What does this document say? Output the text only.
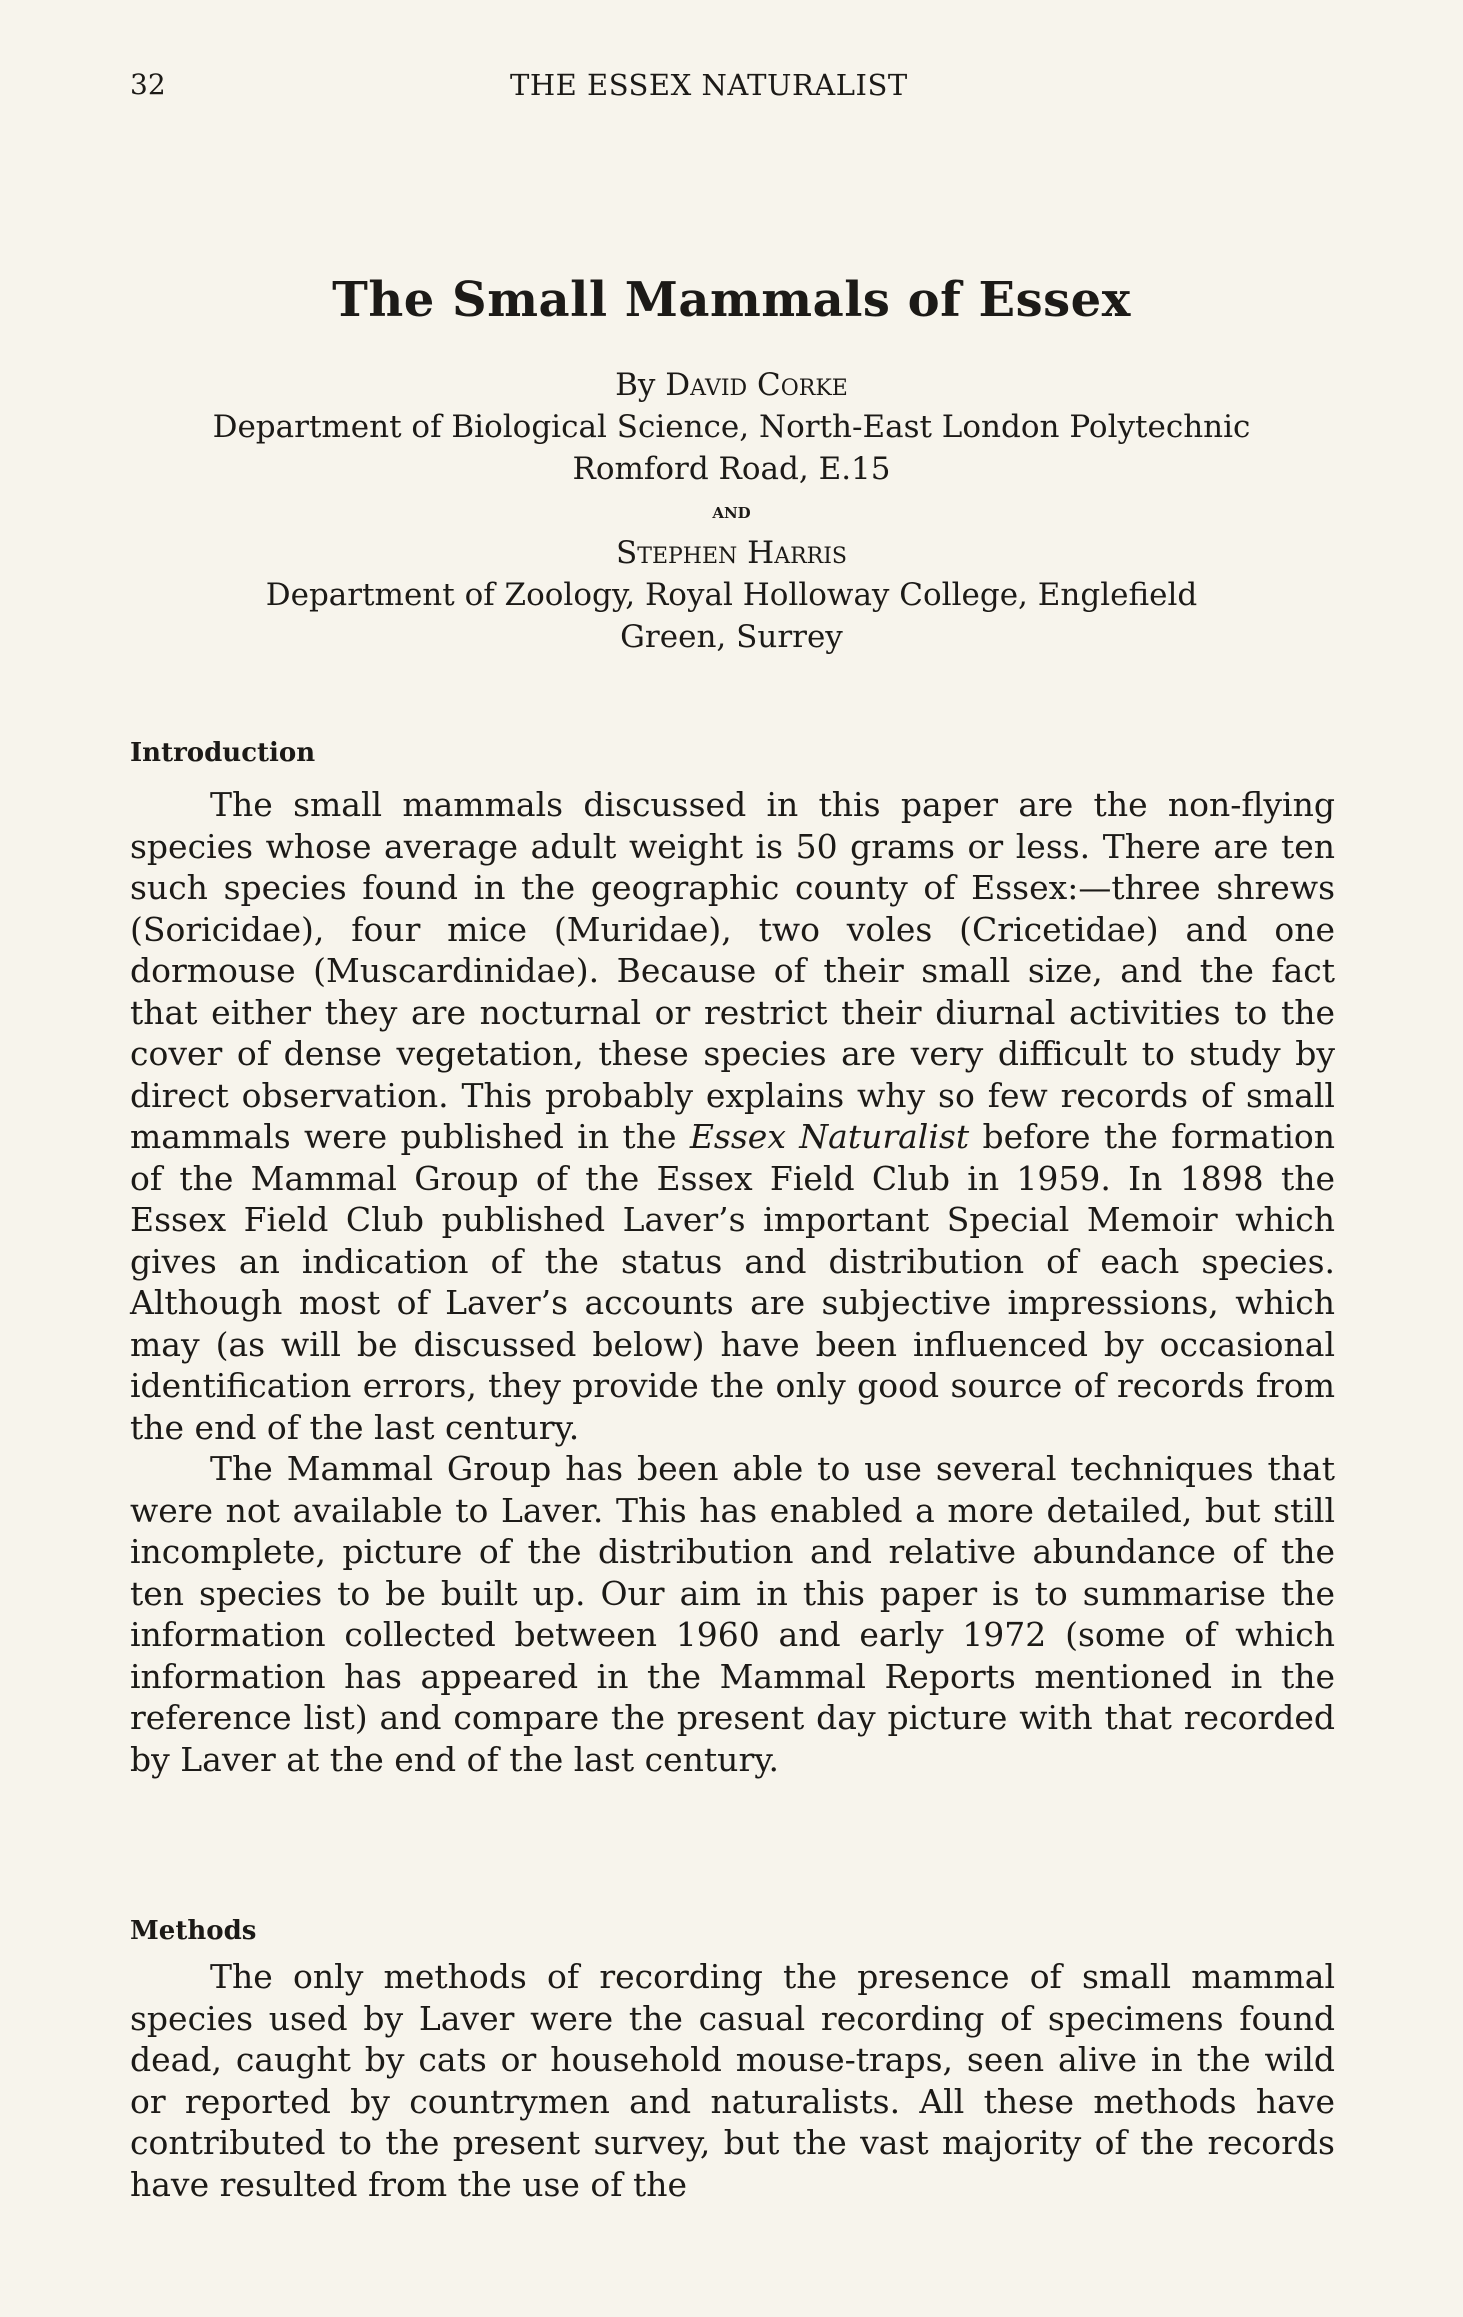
32	THE ESSEX NATURALIST
The Small Mammals of Essex
By David Corke
Department of Biological Science, North-East London Polytechnic
Romford Road, E.15
and
Stephen Harris
Department of Zoology, Royal Holloway College, Englefield
Green, Surrey
Introduction

The small mammals discussed in this paper are the non-flying species whose average adult weight is 50 grams or less. There are ten such species found in the geographic county of Essex:—three shrews (Soricidae), four mice (Muridae), two voles (Cricetidae) and one dormouse (Muscardinidae). Because of their small size, and the fact that either they are nocturnal or restrict their diurnal activities to the cover of dense vegetation, these species are very difficult to study by direct observation. This probably explains why so few records of small mammals were published in the Essex Naturalist before the formation of the Mammal Group of the Essex Field Club in 1959. In 1898 the Essex Field Club published Laver’s important Special Memoir which gives an indication of the status and distribution of each species. Although most of Laver’s accounts are subjective impressions, which may (as will be discussed below) have been influenced by occasional identification errors, they provide the only good source of records from the end of the last century.

The Mammal Group has been able to use several techniques that were not available to Laver. This has enabled a more detailed, but still incomplete, picture of the distribution and relative abundance of the ten species to be built up. Our aim in this paper is to summarise the information collected between 1960 and early 1972 (some of which information has appeared in the Mammal Reports mentioned in the reference list) and compare the present day picture with that recorded by Laver at the end of the last century.

Methods

The only methods of recording the presence of small mammal species used by Laver were the casual recording of specimens found dead, caught by cats or household mouse-traps, seen alive in the wild or reported by countrymen and naturalists. All these methods have contributed to the present survey, but the vast majority of the records have resulted from the use of the
